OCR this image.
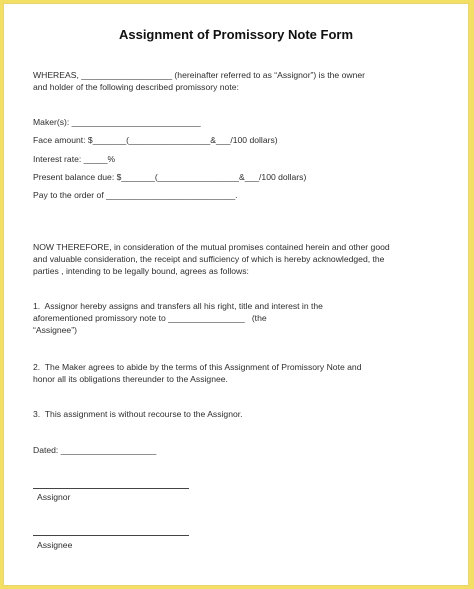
Assignment of Promissory Note Form
WHEREAS, ___________________ (hereinafter referred to as “Assignor”) is the owner
and holder of the following described promissory note:
Maker(s): ___________________________
Face amount: $_______(_________________&___/100 dollars)
Interest rate: _____%
Present balance due: $_______(_________________&___/100 dollars)
Pay to the order of ___________________________.
NOW THEREFORE, in consideration of the mutual promises contained herein and other good
and valuable consideration, the receipt and sufficiency of which is hereby acknowledged, the
parties , intending to be legally bound, agrees as follows:
1.  Assignor hereby assigns and transfers all his right, title and interest in the
aforementioned promissory note to ________________   (the
“Assignee”)
2.  The Maker agrees to abide by the terms of this Assignment of Promissory Note and
honor all its obligations thereunder to the Assignee.
3.  This assignment is without recourse to the Assignor.
Dated: ____________________
Assignor
Assignee
